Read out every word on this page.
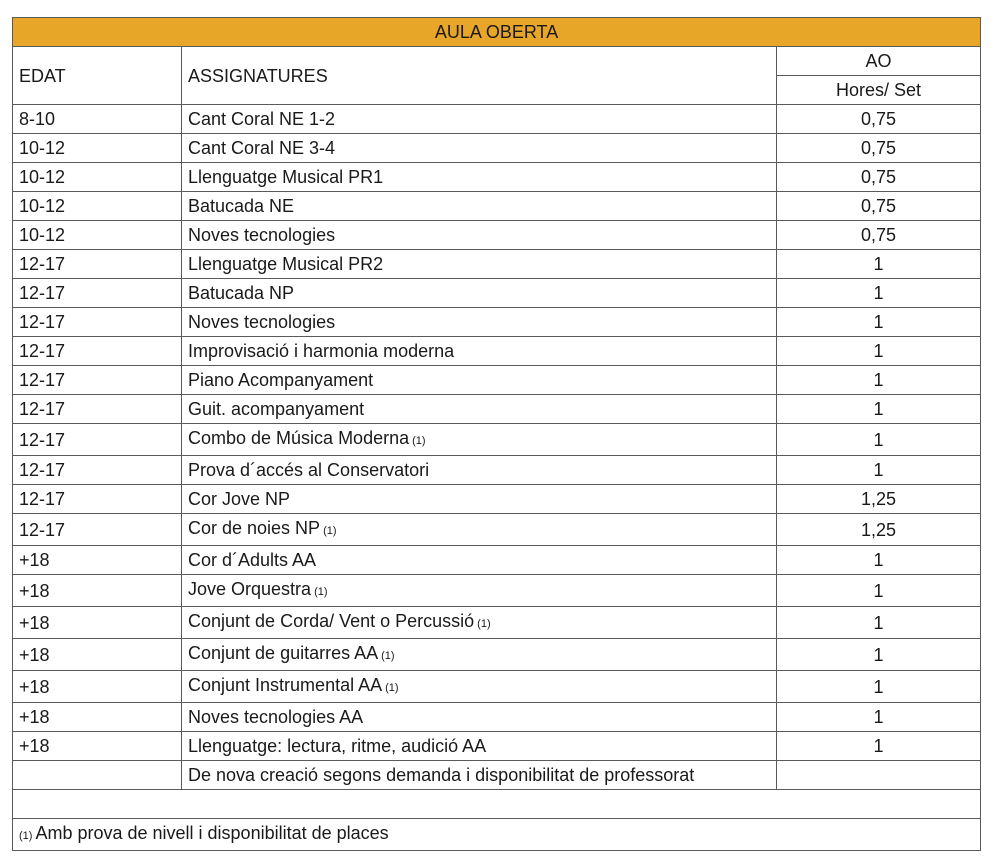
AULA OBERTA		
EDAT	ASSIGNATURES	AO
		Hores/ Set
8-10	Cant Coral NE 1-2	0,75
10-12	Cant Coral NE 3-4	0,75
10-12	Llenguatge Musical PR1	0,75
10-12	Batucada NE	0,75
10-12	Noves tecnologies	0,75
12-17	Llenguatge Musical PR2	1
12-17	Batucada NP	1
12-17	Noves tecnologies	1
12-17	Improvisació i harmonia moderna	1
12-17	Piano Acompanyament	1
12-17	Guit. acompanyament	1
12-17	Combo de Música Moderna (1)	1
12-17	Prova d´accés al Conservatori	1
12-17	Cor Jove NP	1,25
12-17	Cor de noies NP (1)	1,25
+18	Cor d´Adults AA	1
+18	Jove Orquestra (1)	1
+18	Conjunt de Corda/ Vent o Percussió (1)	1
+18	Conjunt de guitarres AA (1)	1
+18	Conjunt Instrumental AA (1)	1
+18	Noves tecnologies AA	1
+18	Llenguatge: lectura, ritme, audició AA	1
	De nova creació segons demanda i disponibilitat de professorat	

(1) Amb prova de nivell i disponibilitat de places		
